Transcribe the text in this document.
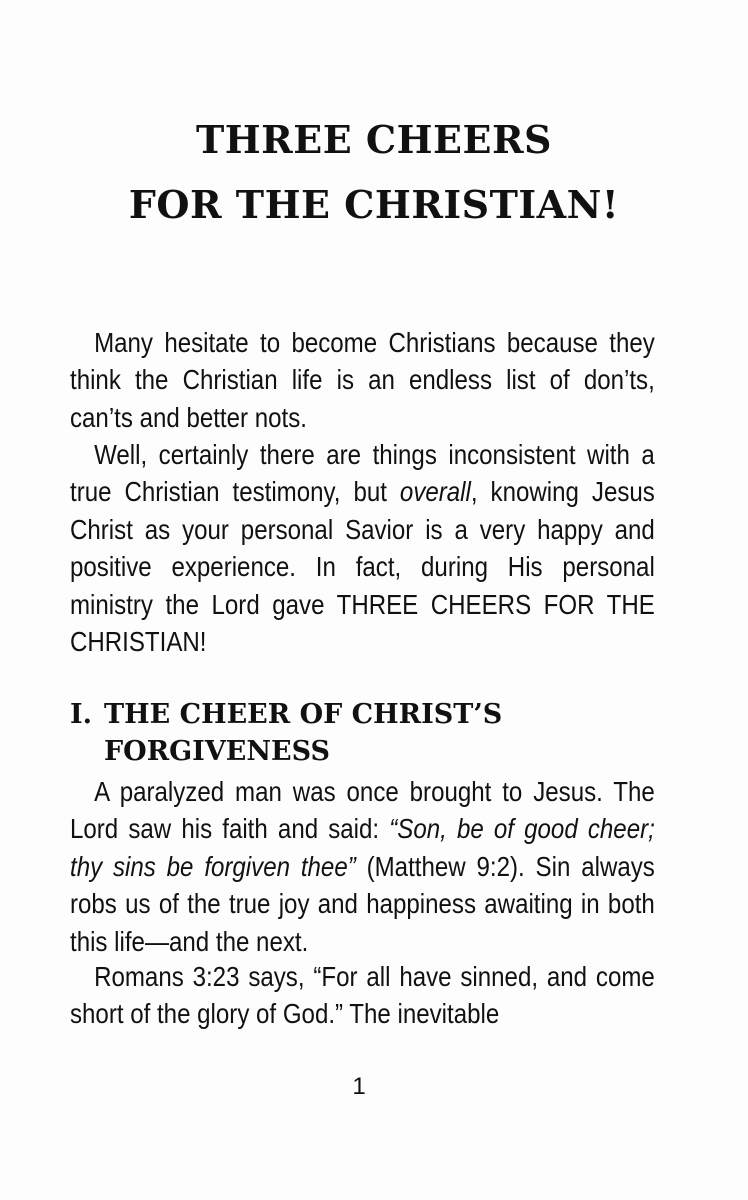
THREE CHEERS
FOR THE CHRISTIAN!

Many hesitate to become Christians because they think the Christian life is an endless list of don’ts, can’ts and better nots.

Well, certainly there are things inconsistent with a true Christian testimony, but overall, knowing Jesus Christ as your personal Savior is a very happy and positive experience. In fact, during His personal ministry the Lord gave THREE CHEERS FOR THE CHRISTIAN!

I. THE CHEER OF CHRIST’S
FORGIVENESS

A paralyzed man was once brought to Jesus. The Lord saw his faith and said: “Son, be of good cheer; thy sins be forgiven thee” (Matthew 9:2). Sin always robs us of the true joy and happiness awaiting in both this life—and the next.

Romans 3:23 says, “For all have sinned, and come short of the glory of God.” The inevitable

1
